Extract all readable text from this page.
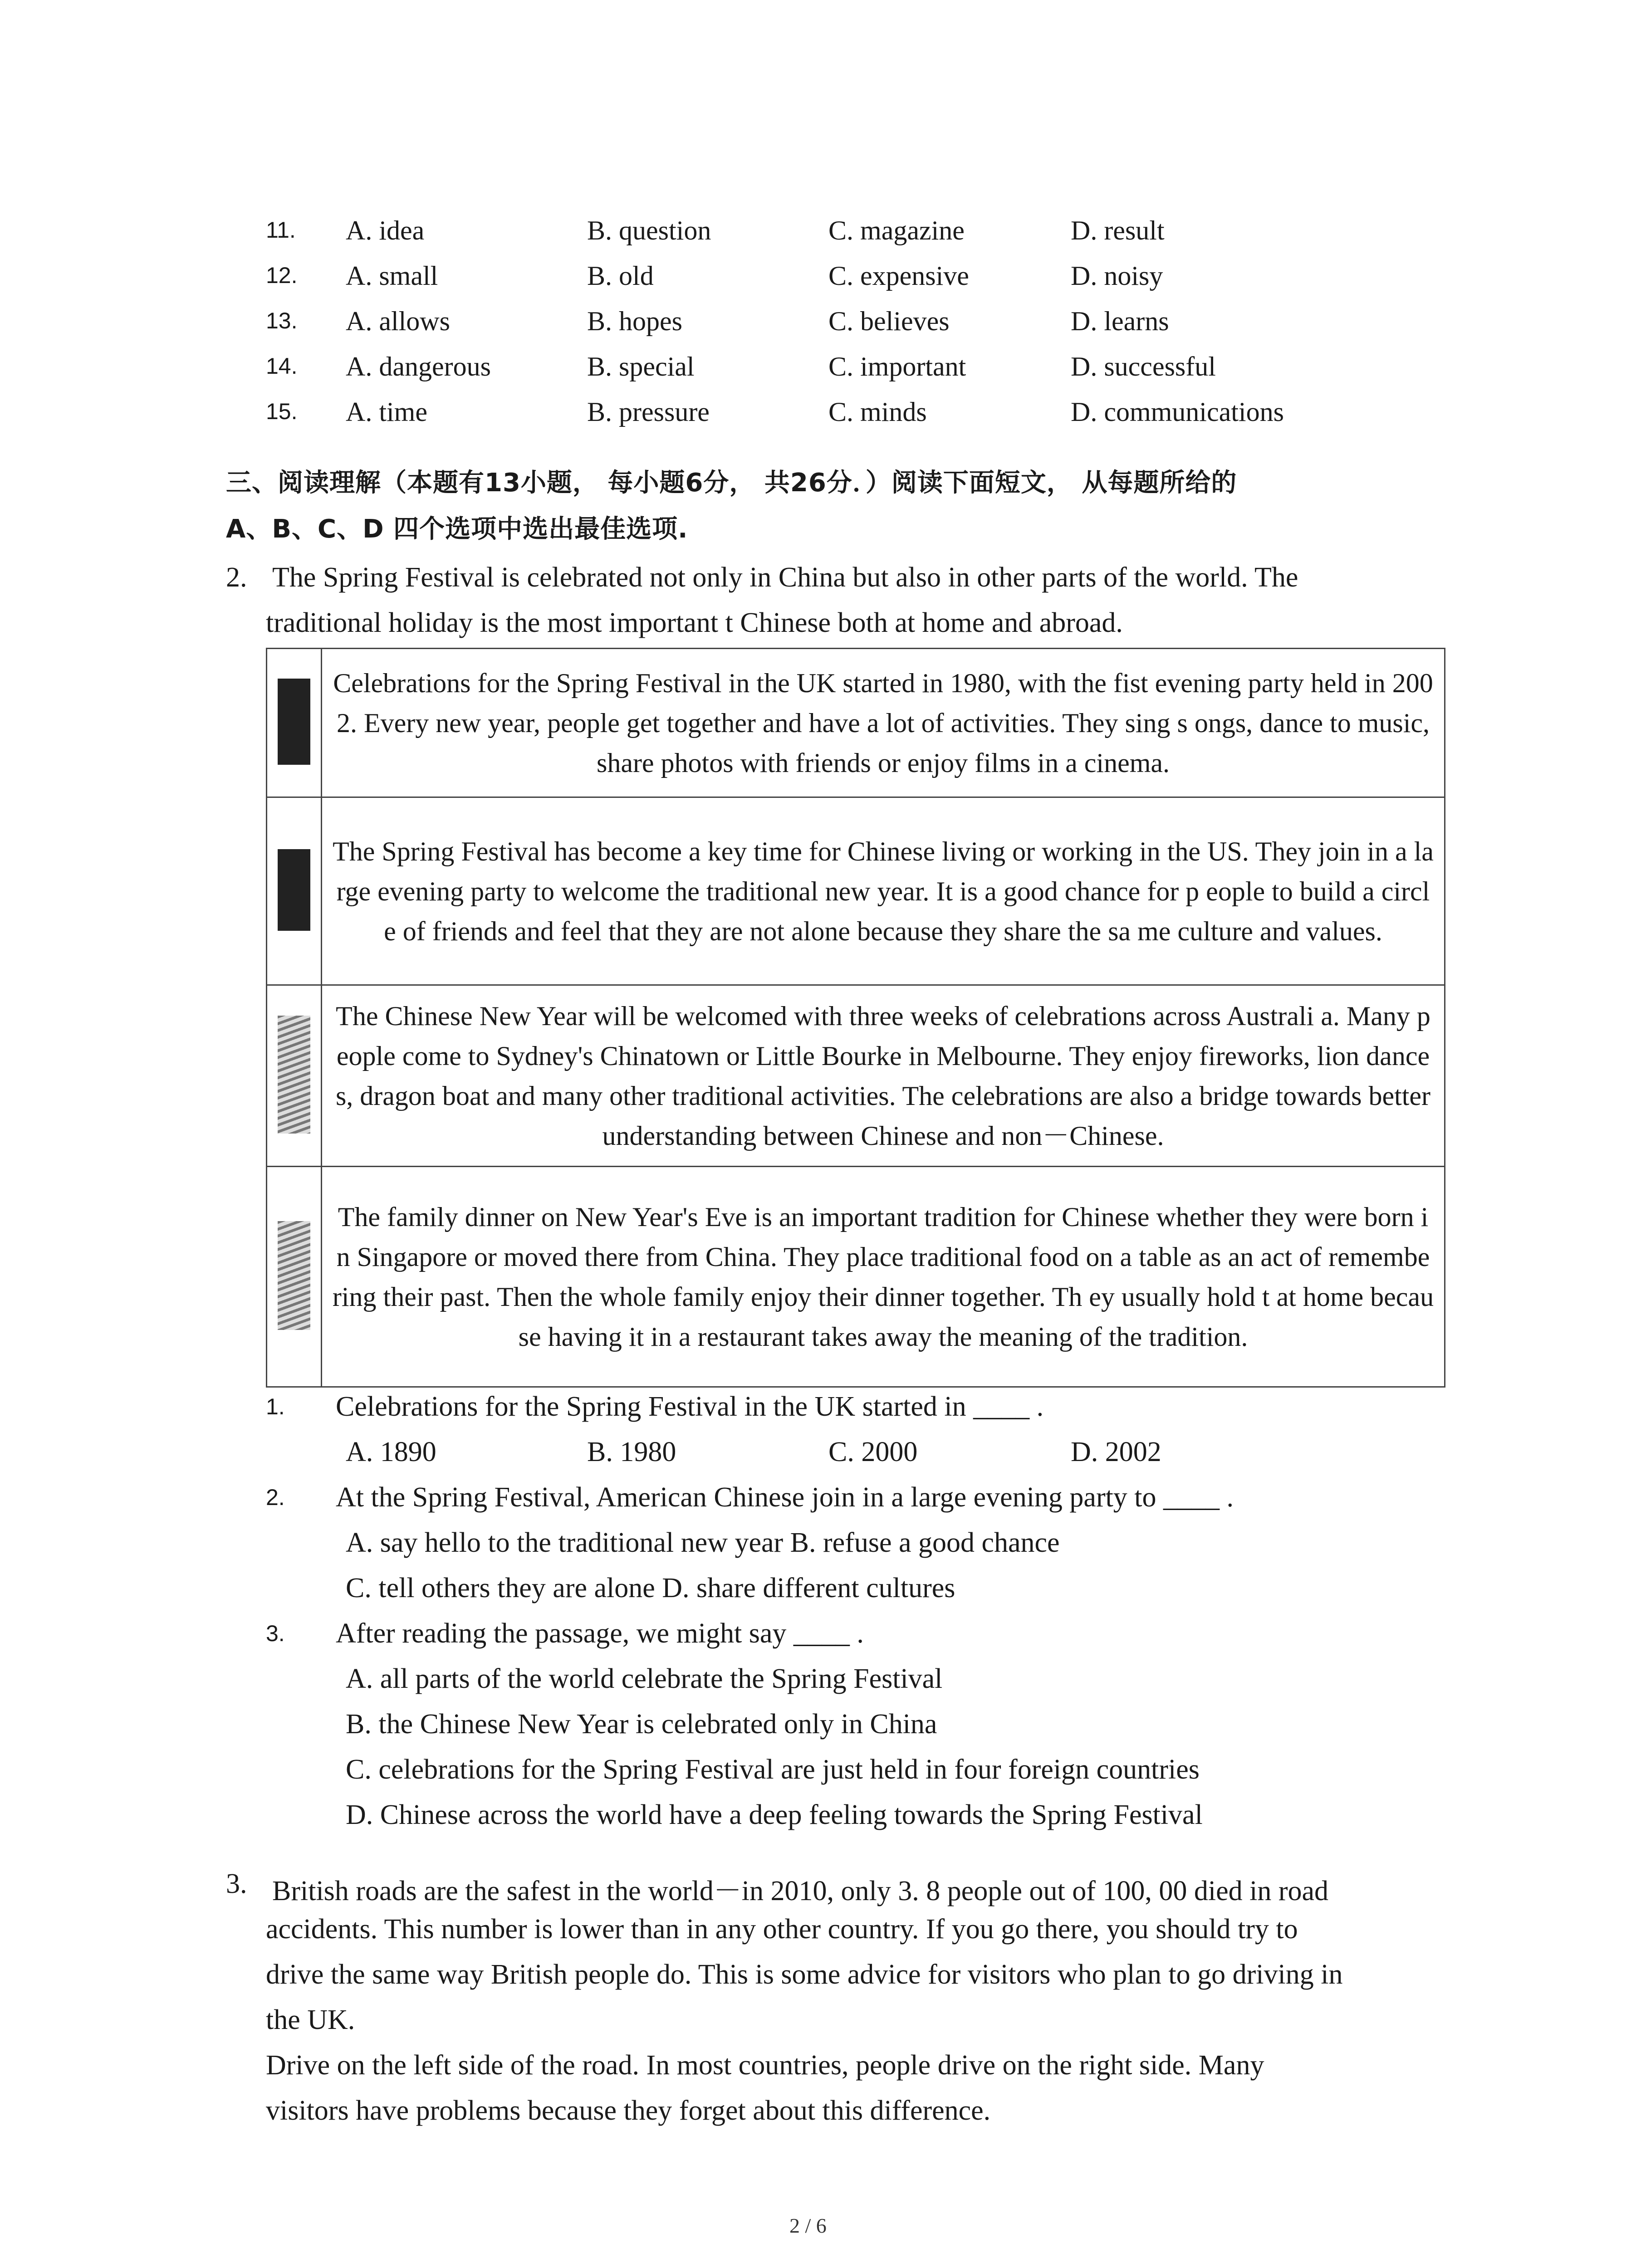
11. A. idea	B. question	C. magazine	D. result
12. A. small	B. old	C. expensive	D. noisy
13. A. allows	B. hopes	C. believes	D. learns
14. A. dangerous	B. special	C. important	D. successful
15. A. time	B. pressure	C. minds	D. communications
三、阅读理解（本题有13小题， 每小题6分， 共26分．）阅读下面短文， 从每题所给的
A、B、C、D 四个选项中选出最佳选项.
2. The Spring Festival is celebrated not only in China but also in other parts of the world. The
traditional holiday is the most important t Chinese both at home and abroad.
	Celebrations for the Spring Festival in the UK started in 1980, with the fist evening party held in 2002. Every new year, people get together and have a lot of activities. They sing s ongs, dance to music, share photos with friends or enjoy films in a cinema.
	The Spring Festival has become a key time for Chinese living or working in the US. They join in a large evening party to welcome the traditional new year. It is a good chance for p eople to build a circle of friends and feel that they are not alone because they share the sa me culture and values.
	The Chinese New Year will be welcomed with three weeks of celebrations across Australi a. Many people come to Sydney's Chinatown or Little Bourke in Melbourne. They enjoy fireworks, lion dances, dragon boat and many other traditional activities. The celebrations are also a bridge towards better understanding between Chinese and non－Chinese.
	The family dinner on New Year's Eve is an important tradition for Chinese whether they were born in Singapore or moved there from China. They place traditional food on a table as an act of remembering their past. Then the whole family enjoy their dinner together. Th ey usually hold t at home because having it in a restaurant takes away the meaning of the tradition.
1. Celebrations for the Spring Festival in the UK started in ____ .
A. 1890	B. 1980	C. 2000	D. 2002
2. At the Spring Festival, American Chinese join in a large evening party to ____ .
A. say hello to the traditional new year B. refuse a good chance
C. tell others they are alone D. share different cultures
3. After reading the passage, we might say ____ .
A. all parts of the world celebrate the Spring Festival
B. the Chinese New Year is celebrated only in China
C. celebrations for the Spring Festival are just held in four foreign countries
D. Chinese across the world have a deep feeling towards the Spring Festival
3. British roads are the safest in the world－in 2010, only 3. 8 people out of 100, 00 died in road
accidents. This number is lower than in any other country. If you go there, you should try to
drive the same way British people do. This is some advice for visitors who plan to go driving in
the UK.
Drive on the left side of the road. In most countries, people drive on the right side. Many
visitors have problems because they forget about this difference.
2 / 6
